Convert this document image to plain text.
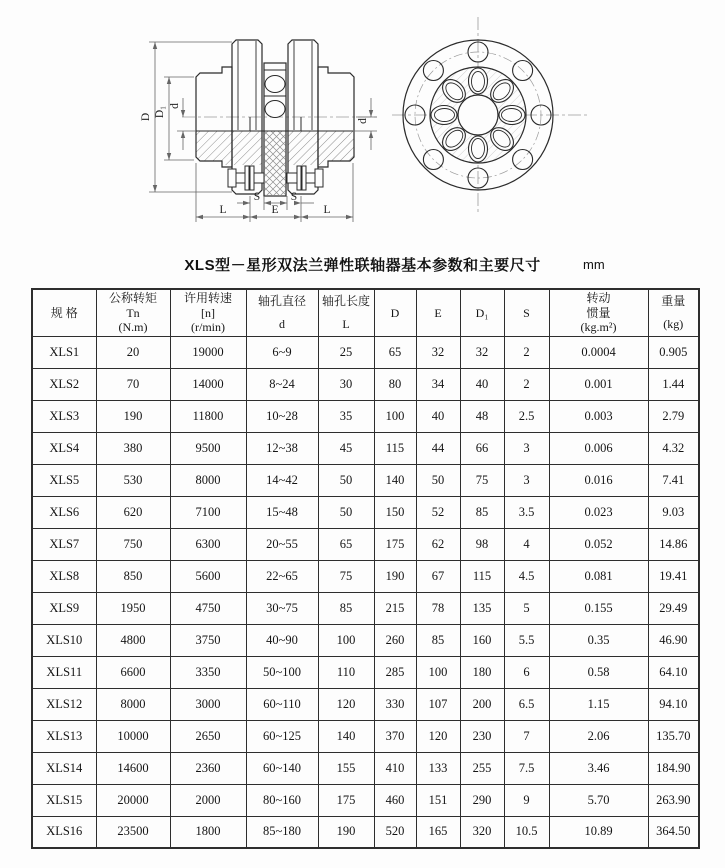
D D₁ d
d
L	E	L
S	S
XLS型－星形双法兰弹性联轴器基本参数和主要尺寸	mm
规 格

公称转矩
Tn
(N.m)

许用转速
[n]
(r/min)

轴孔直径
d

轴孔长度
L

D	E	D₁	S

转动
惯量
(kg.m²)

重量
(kg)

XLS1	20	19000	6~9	25	65	32	32	2	0.0004	0.905
XLS2	70	14000	8~24	30	80	34	40	2	0.001	1.44
XLS3	190	11800	10~28	35	100	40	48	2.5	0.003	2.79
XLS4	380	9500	12~38	45	115	44	66	3	0.006	4.32
XLS5	530	8000	14~42	50	140	50	75	3	0.016	7.41
XLS6	620	7100	15~48	50	150	52	85	3.5	0.023	9.03
XLS7	750	6300	20~55	65	175	62	98	4	0.052	14.86
XLS8	850	5600	22~65	75	190	67	115	4.5	0.081	19.41
XLS9	1950	4750	30~75	85	215	78	135	5	0.155	29.49
XLS10	4800	3750	40~90	100	260	85	160	5.5	0.35	46.90
XLS11	6600	3350	50~100	110	285	100	180	6	0.58	64.10
XLS12	8000	3000	60~110	120	330	107	200	6.5	1.15	94.10
XLS13	10000	2650	60~125	140	370	120	230	7	2.06	135.70
XLS14	14600	2360	60~140	155	410	133	255	7.5	3.46	184.90
XLS15	20000	2000	80~160	175	460	151	290	9	5.70	263.90
XLS16	23500	1800	85~180	190	520	165	320	10.5	10.89	364.50
